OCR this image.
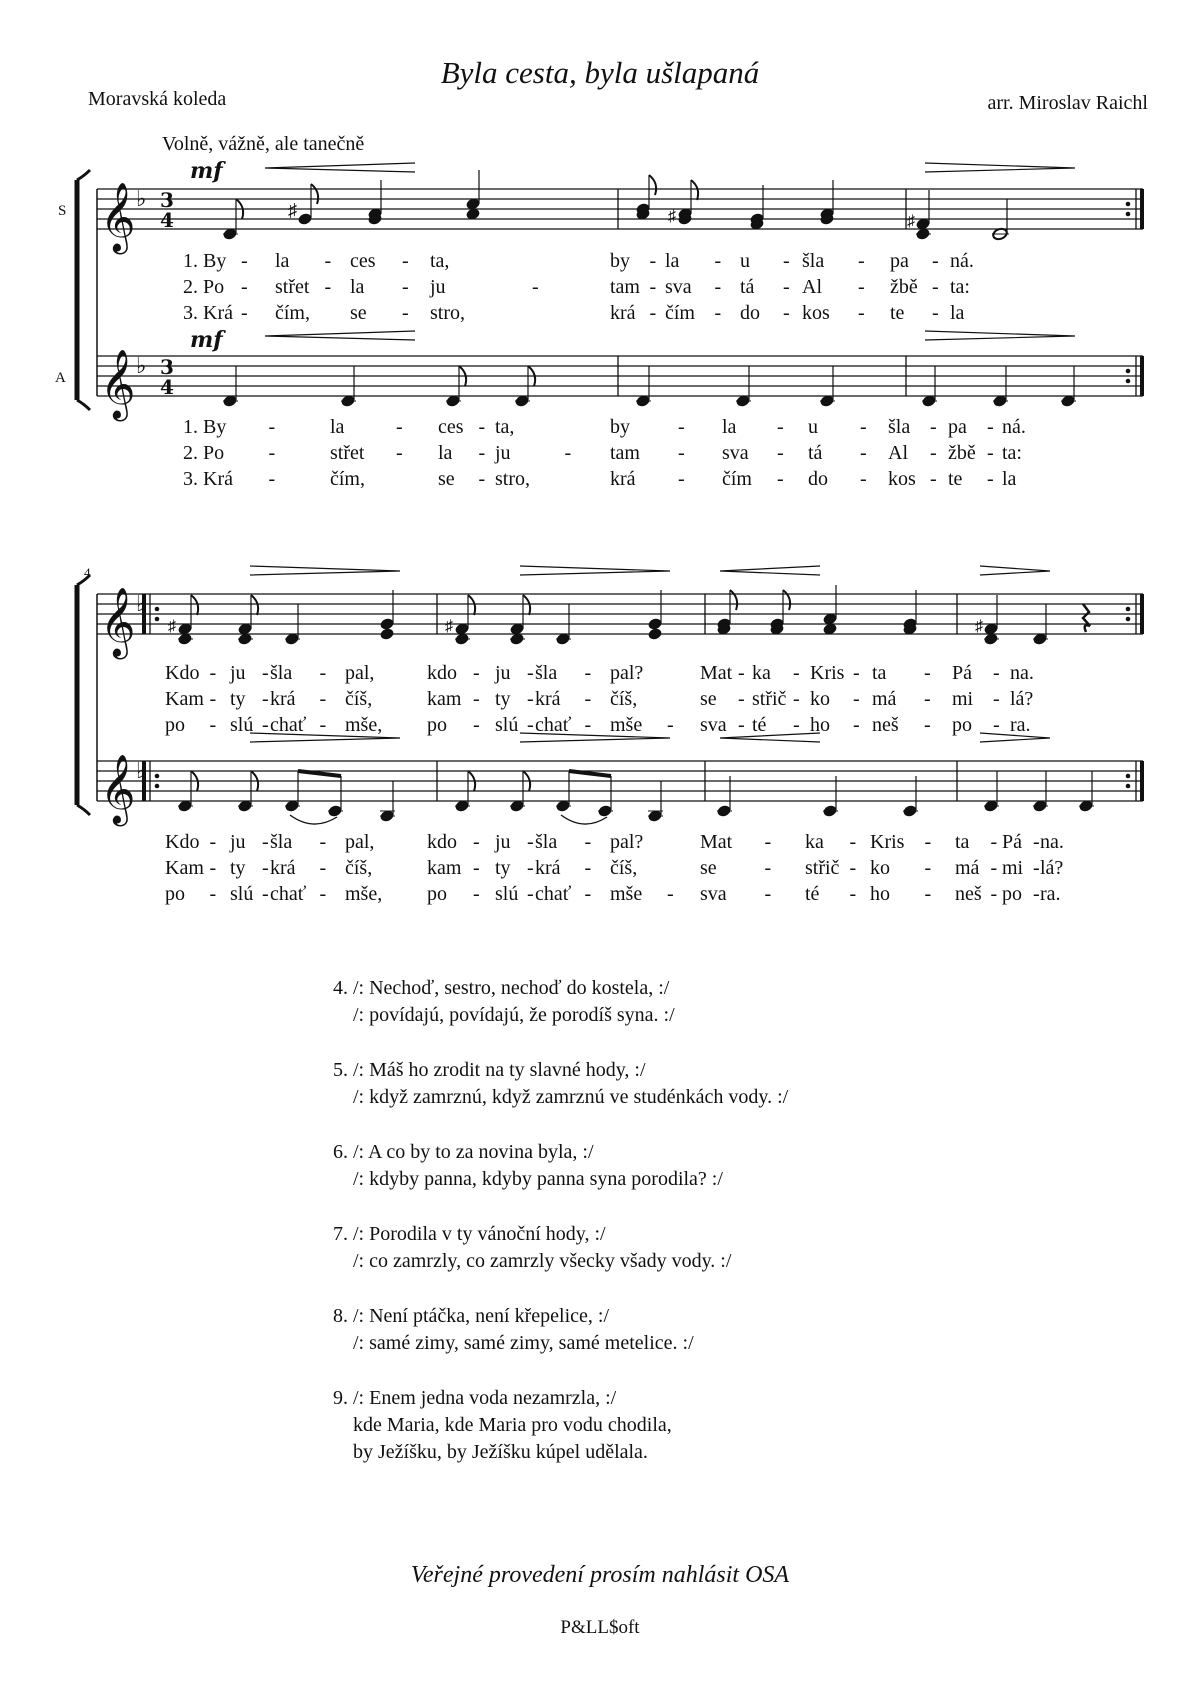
Byla cesta, byla ušlapaná
Moravská koleda	arr. Miroslav Raichl
Volně, vážně, ale tanečně
mf
mf
S
A
4
𝄞
𝄞
♭
♭
3
4
3
4
♯	♯	♯
𝄞
𝄞
♭
♭
♯	♯	♯
1. By - la - ces - ta,	by - la - u - šla - pa - ná.
2. Po - střet - la - ju	-	tam - sva - tá - Al - žbě - ta:
3. Krá - čím, se - stro,	krá - čím - do - kos - te - la
1. By -	la	- ces - ta,	by - la - u - šla - pa - ná.
2. Po -	střet - la - ju	- tam - sva - tá - Al - žbě - ta:
3. Krá -	čím,	se - stro,	krá - čím - do - kos - te - la
Kdo - ju - šla - pal,	kdo - ju - šla - pal?	Mat - ka - Kris - ta - Pá - na.
Kam - ty - krá - číš,	kam - ty - krá - číš,	se - střič - ko - má - mi - lá?
po - slú - chať - mše, po - slú - chať - mše - sva - té - ho - neš - po - ra.
Kdo - ju - šla - pal,	kdo - ju - šla - pal?	Mat - ka - Kris - ta - Pá - na.
Kam - ty - krá - číš,	kam - ty - krá - číš,	se - střič - ko - má - mi - lá?
po - slú - chať - mše, po - slú - chať - mše - sva - té - ho - neš - po - ra.
4. /: Nechoď, sestro, nechoď do kostela, :/
/: povídajú, povídajú, že porodíš syna. :/
5. /: Máš ho zrodit na ty slavné hody, :/
/: když zamrznú, když zamrznú ve studénkách vody. :/
6. /: A co by to za novina byla, :/
/: kdyby panna, kdyby panna syna porodila? :/
7. /: Porodila v ty vánoční hody, :/
/: co zamrzly, co zamrzly všecky všady vody. :/
8. /: Není ptáčka, není křepelice, :/
/: samé zimy, samé zimy, samé metelice. :/
9. /: Enem jedna voda nezamrzla, :/
kde Maria, kde Maria pro vodu chodila,
by Ježíšku, by Ježíšku kúpel udělala.
Veřejné provedení prosím nahlásit OSA
P&LL$oft
